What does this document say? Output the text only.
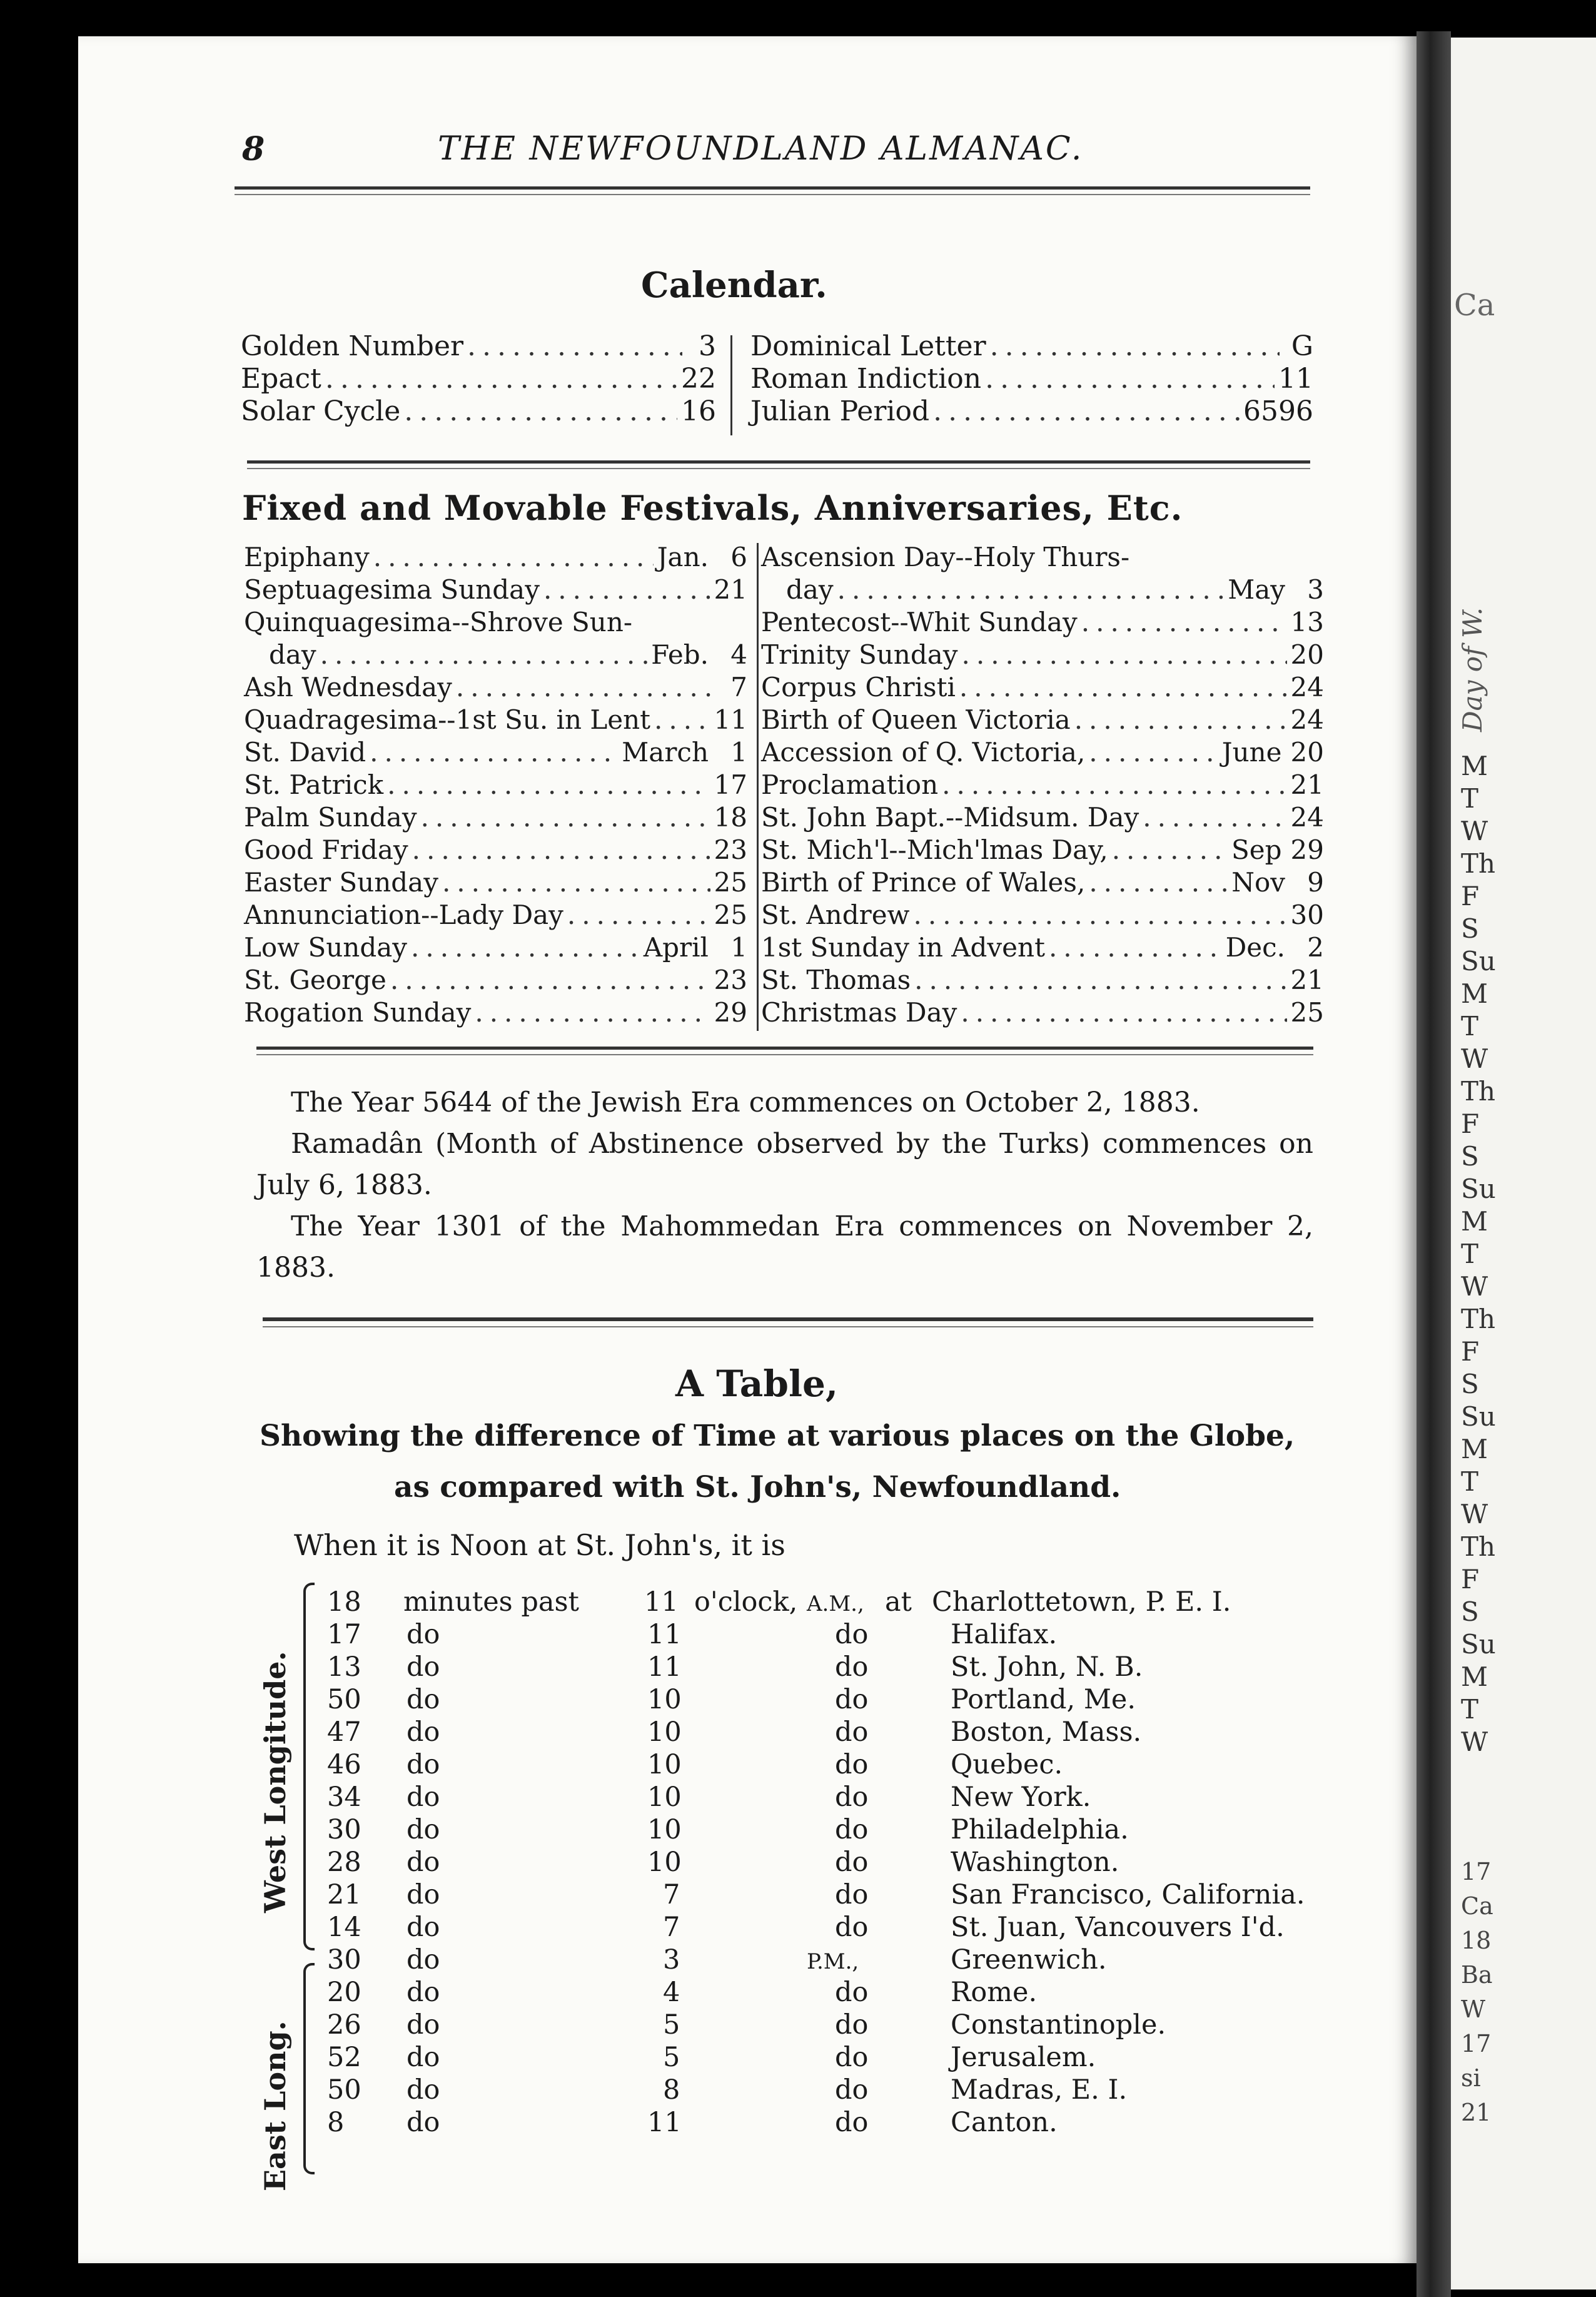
8	THE NEWFOUNDLAND ALMANAC.
Calendar.
Golden Number .....	3
Epact .....	22
Solar Cycle .....	16
Dominical Letter .....	G
Roman Indiction .....	11
Julian Period .....	6596
Fixed and Movable Festivals, Anniversaries, Etc.
Epiphany .....	Jan. 6
Septuagesima Sunday .....	21
Quinquagesima--Shrove Sun-
day .....	Feb. 4
Ash Wednesday .....	7
Quadragesima--1st Su. in Lent ..... 11
St. David .....	March 1
St. Patrick .....	17
Palm Sunday .....	18
Good Friday .....	23
Easter Sunday .....	25
Annunciation--Lady Day .....	25
Low Sunday .....	April 1
St. George .....	23
Rogation Sunday .....	29
Ascension Day--Holy Thurs-
day .....	May 3
Pentecost--Whit Sunday .....	13
Trinity Sunday .....	20
Corpus Christi .....	24
Birth of Queen Victoria .....	24
Accession of Q. Victoria, .....	June 20
Proclamation .....	21
St. John Bapt.--Midsum. Day .....	24
St. Mich'l--Mich'lmas Day, .....	Sep 29
Birth of Prince of Wales, .....	Nov 9
St. Andrew .....	30
1st Sunday in Advent .....	Dec. 2
St. Thomas .....	21
Christmas Day .....	25
The Year 5644 of the Jewish Era commences on October 2, 1883.
Ramadân (Month of Abstinence observed by the Turks) commences on July 6, 1883.
The Year 1301 of the Mahommedan Era commences on November 2, 1883.
A Table,
Showing the difference of Time at various places on the Globe,
as compared with St. John's, Newfoundland.
When it is Noon at St. John's, it is
West Longitude.
East Long.
18 minutes past 11 o'clock, A.M., at Charlottetown, P. E. I.
17 do	11	do	Halifax.
13 do	11	do	St. John, N. B.
50 do	10	do	Portland, Me.
47 do	10	do	Boston, Mass.
46 do	10	do	Quebec.
34 do	10	do	New York.
30 do	10	do	Philadelphia.
28 do	10	do	Washington.
21 do	7	do	San Francisco, California.
14 do	7	do	St. Juan, Vancouvers I'd.
30 do	3	P.M.,	Greenwich.
20 do	4	do	Rome.
26 do	5	do	Constantinople.
52 do	5	do	Jerusalem.
50 do	8	do	Madras, E. I.
8 do	11	do	Canton.
Ca
Day of W.
M
T
W
Th
F
S
Su
M
T
W
Th
F
S
Su
M
T
W
Th
F
S
Su
M
T
W
Th
F
S
Su
M
T
W
17
Ca
18
Ba
W
17
si
21
